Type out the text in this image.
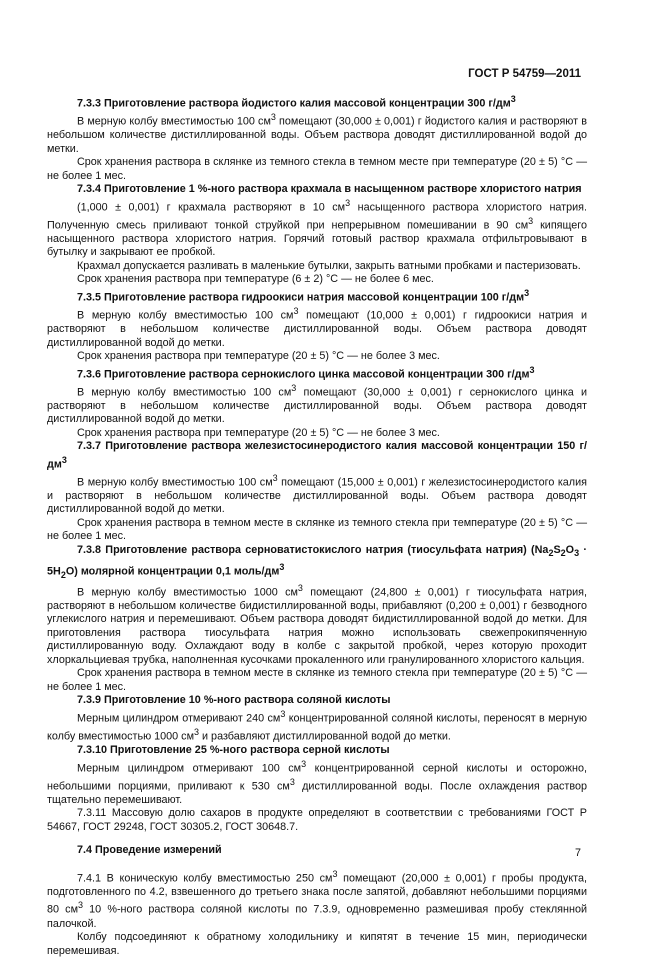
ГОСТ Р 54759—2011

7.3.3 Приготовление раствора йодистого калия массовой концентрации 300 $г/дм^3$

В мерную колбу вместимостью 100 $см^3$ помещают (30,000 ± 0,001) г йодистого калия и растворяют в небольшом количестве дистиллированной воды. Объем раствора доводят дистиллированной водой до метки.

Срок хранения раствора в склянке из темного стекла в темном месте при температуре (20 ± 5) °С — не более 1 мес.

7.3.4 Приготовление 1 %-ного раствора крахмала в насыщенном растворе хлористого натрия

(1,000 ± 0,001) г крахмала растворяют в 10 $см^3$ насыщенного раствора хлористого натрия. Полученную смесь приливают тонкой струйкой при непрерывном помешивании в 90 $см^3$ кипящего насыщенного раствора хлористого натрия. Горячий готовый раствор крахмала отфильтровывают в бутылку и закрывают ее пробкой.

Крахмал допускается разливать в маленькие бутылки, закрыть ватными пробками и пастеризовать.

Срок хранения раствора при температуре (6 ± 2) °С — не более 6 мес.

7.3.5 Приготовление раствора гидроокиси натрия массовой концентрации 100 $г/дм^3$

В мерную колбу вместимостью 100 $см^3$ помещают (10,000 ± 0,001) г гидроокиси натрия и растворяют в небольшом количестве дистиллированной воды. Объем раствора доводят дистиллированной водой до метки.

Срок хранения раствора при температуре (20 ± 5) °С — не более 3 мес.

7.3.6 Приготовление раствора сернокислого цинка массовой концентрации 300 $г/дм^3$

В мерную колбу вместимостью 100 $см^3$ помещают (30,000 ± 0,001) г сернокислого цинка и растворяют в небольшом количестве дистиллированной воды. Объем раствора доводят дистиллированной водой до метки.

Срок хранения раствора при температуре (20 ± 5) °С — не более 3 мес.

7.3.7 Приготовление раствора железистосинеродистого калия массовой концентрации 150 $г/дм^3$

В мерную колбу вместимостью 100 $см^3$ помещают (15,000 ± 0,001) г железистосинеродистого калия и растворяют в небольшом количестве дистиллированной воды. Объем раствора доводят дистиллированной водой до метки.

Срок хранения раствора в темном месте в склянке из темного стекла при температуре (20 ± 5) °С — не более 1 мес.

7.3.8 Приготовление раствора серноватистокислого натрия (тиосульфата натрия) $(Na_2S_2O_3 \cdot 5H_2O)$ молярной концентрации 0,1 моль/$дм^3$

В мерную колбу вместимостью 1000 $см^3$ помещают (24,800 ± 0,001) г тиосульфата натрия, растворяют в небольшом количестве бидистиллированной воды, прибавляют (0,200 ± 0,001) г безводного углекислого натрия и перемешивают. Объем раствора доводят бидистиллированной водой до метки. Для приготовления раствора тиосульфата натрия можно использовать свежепрокипяченную дистиллированную воду. Охлаждают воду в колбе с закрытой пробкой, через которую проходит хлоркальциевая трубка, наполненная кусочками прокаленного или гранулированного хлористого кальция.

Срок хранения раствора в темном месте в склянке из темного стекла при температуре (20 ± 5) °С — не более 1 мес.

7.3.9 Приготовление 10 %-ного раствора соляной кислоты

Мерным цилиндром отмеривают 240 $см^3$ концентрированной соляной кислоты, переносят в мерную колбу вместимостью 1000 $см^3$ и разбавляют дистиллированной водой до метки.

7.3.10 Приготовление 25 %-ного раствора серной кислоты

Мерным цилиндром отмеривают 100 $см^3$ концентрированной серной кислоты и осторожно, небольшими порциями, приливают к 530 $см^3$ дистиллированной воды. После охлаждения раствор тщательно перемешивают.

7.3.11 Массовую долю сахаров в продукте определяют в соответствии с требованиями ГОСТ Р 54667, ГОСТ 29248, ГОСТ 30305.2, ГОСТ 30648.7.

7.4 Проведение измерений

7.4.1 В коническую колбу вместимостью 250 $см^3$ помещают (20,000 ± 0,001) г пробы продукта, подготовленного по 4.2, взвешенного до третьего знака после запятой, добавляют небольшими порциями 80 $см^3$ 10 %-ного раствора соляной кислоты по 7.3.9, одновременно размешивая пробу стеклянной палочкой.

Колбу подсоединяют к обратному холодильнику и кипятят в течение 15 мин, периодически перемешивая.

7
